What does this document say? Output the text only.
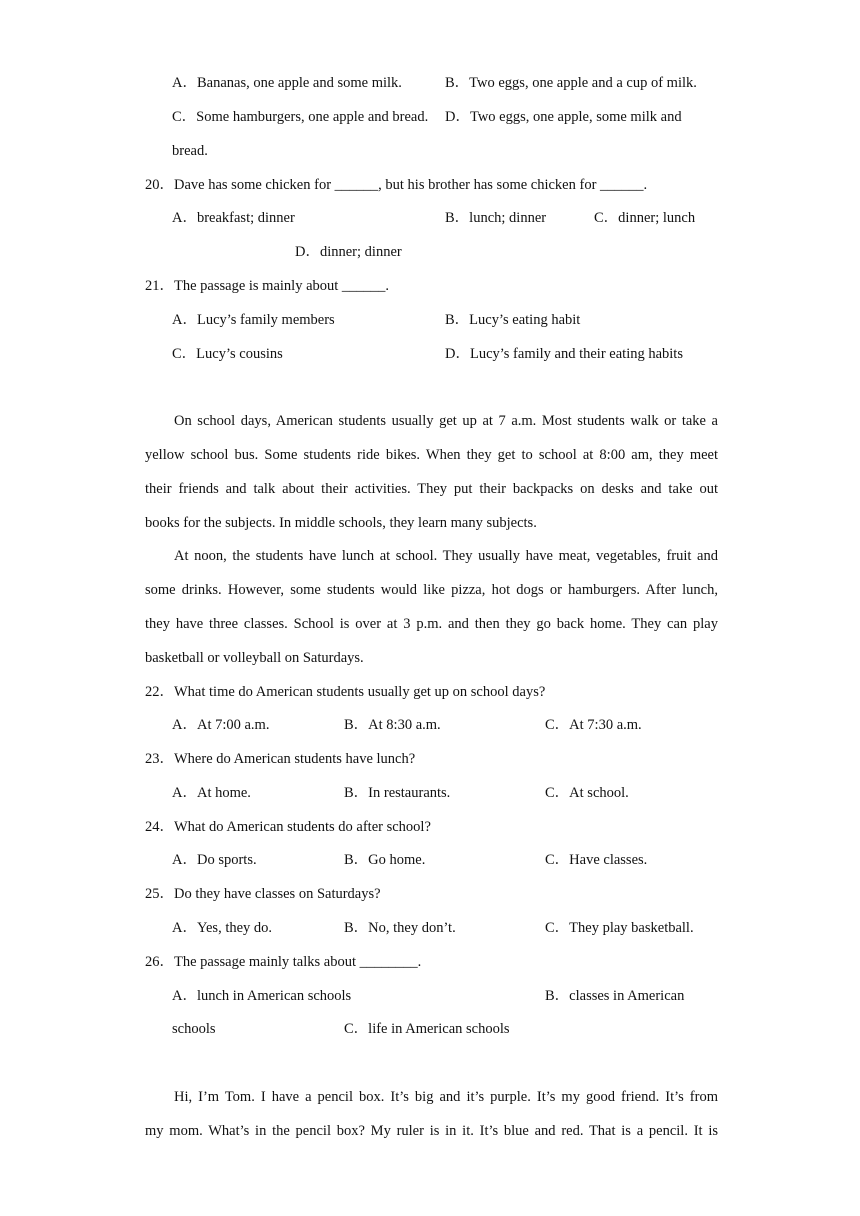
A．Bananas, one apple and some milk.	B．Two eggs, one apple and a cup of milk.
C．Some hamburgers, one apple and bread. D．Two eggs, one apple, some milk and
bread.
20．Dave has some chicken for ______, but his brother has some chicken for ______.
A．breakfast; dinner	B．lunch; dinner	C．dinner; lunch
D．dinner; dinner
21．The passage is mainly about ______.
A．Lucy’s family members	B．Lucy’s eating habit
C．Lucy’s cousins	D．Lucy’s family and their eating habits
On school days, American students usually get up at 7 a.m. Most students walk or take a
yellow school bus. Some students ride bikes. When they get to school at 8:00 am, they meet
their friends and talk about their activities. They put their backpacks on desks and take out
books for the subjects. In middle schools, they learn many subjects.
At noon, the students have lunch at school. They usually have meat, vegetables, fruit and
some drinks. However, some students would like pizza, hot dogs or hamburgers. After lunch,
they have three classes. School is over at 3 p.m. and then they go back home. They can play
basketball or volleyball on Saturdays.
22．What time do American students usually get up on school days?
A．At 7:00 a.m.	B．At 8:30 a.m.	C．At 7:30 a.m.
23．Where do American students have lunch?
A．At home.	B．In restaurants.	C．At school.
24．What do American students do after school?
A．Do sports.	B．Go home.	C．Have classes.
25．Do they have classes on Saturdays?
A．Yes, they do.	B．No, they don’t.	C．They play basketball.
26．The passage mainly talks about ________.
A．lunch in American schools	B．classes in American
schools	C．life in American schools
Hi, I’m Tom. I have a pencil box. It’s big and it’s purple. It’s my good friend. It’s from
my mom. What’s in the pencil box? My ruler is in it. It’s blue and red. That is a pencil. It is
